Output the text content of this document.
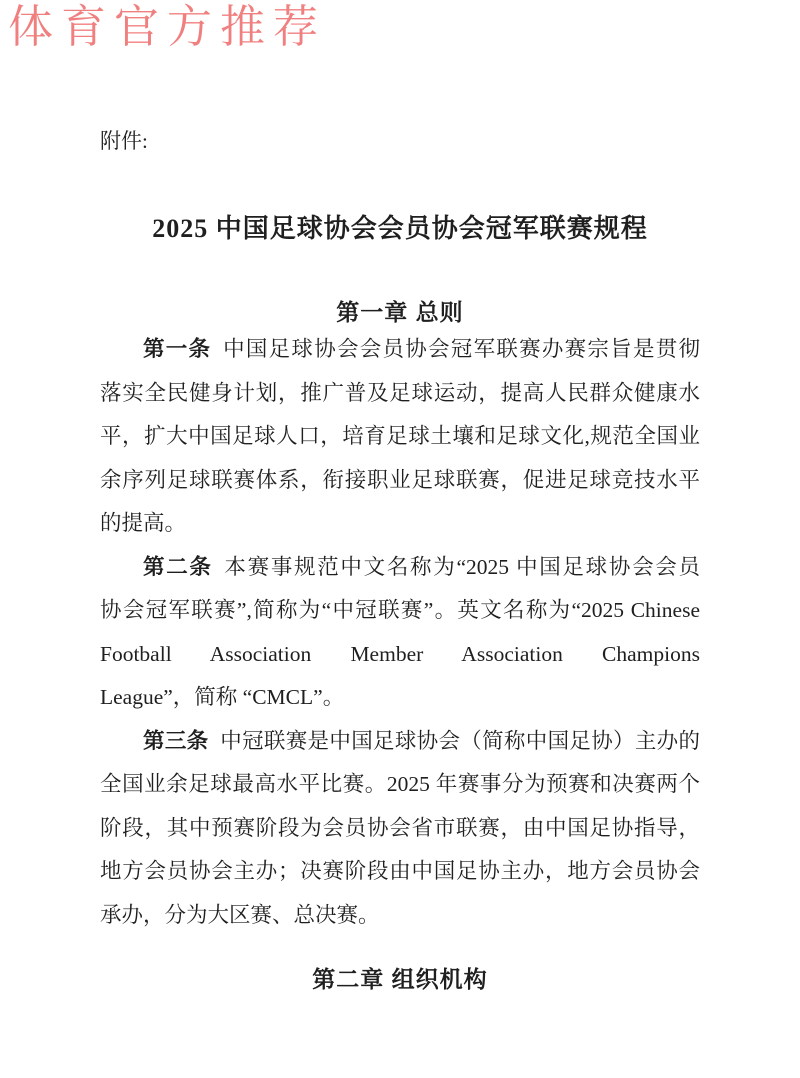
体育官方推荐
附件:
2025 中国足球协会会员协会冠军联赛规程
第一章 总则
第一条 中国足球协会会员协会冠军联赛办赛宗旨是贯彻
落实全民健身计划，推广普及足球运动，提高人民群众健康水
平，扩大中国足球人口，培育足球土壤和足球文化,规范全国业
余序列足球联赛体系，衔接职业足球联赛，促进足球竞技水平
的提高。
第二条 本赛事规范中文名称为“2025 中国足球协会会员
协会冠军联赛”,简称为“中冠联赛”。英文名称为“2025 Chinese
Football Association Member Association Champions
League”，简称 “CMCL”。
第三条 中冠联赛是中国足球协会（简称中国足协）主办的
全国业余足球最高水平比赛。2025 年赛事分为预赛和决赛两个
阶段，其中预赛阶段为会员协会省市联赛，由中国足协指导，
地方会员协会主办；决赛阶段由中国足协主办，地方会员协会
承办，分为大区赛、总决赛。
第二章 组织机构
